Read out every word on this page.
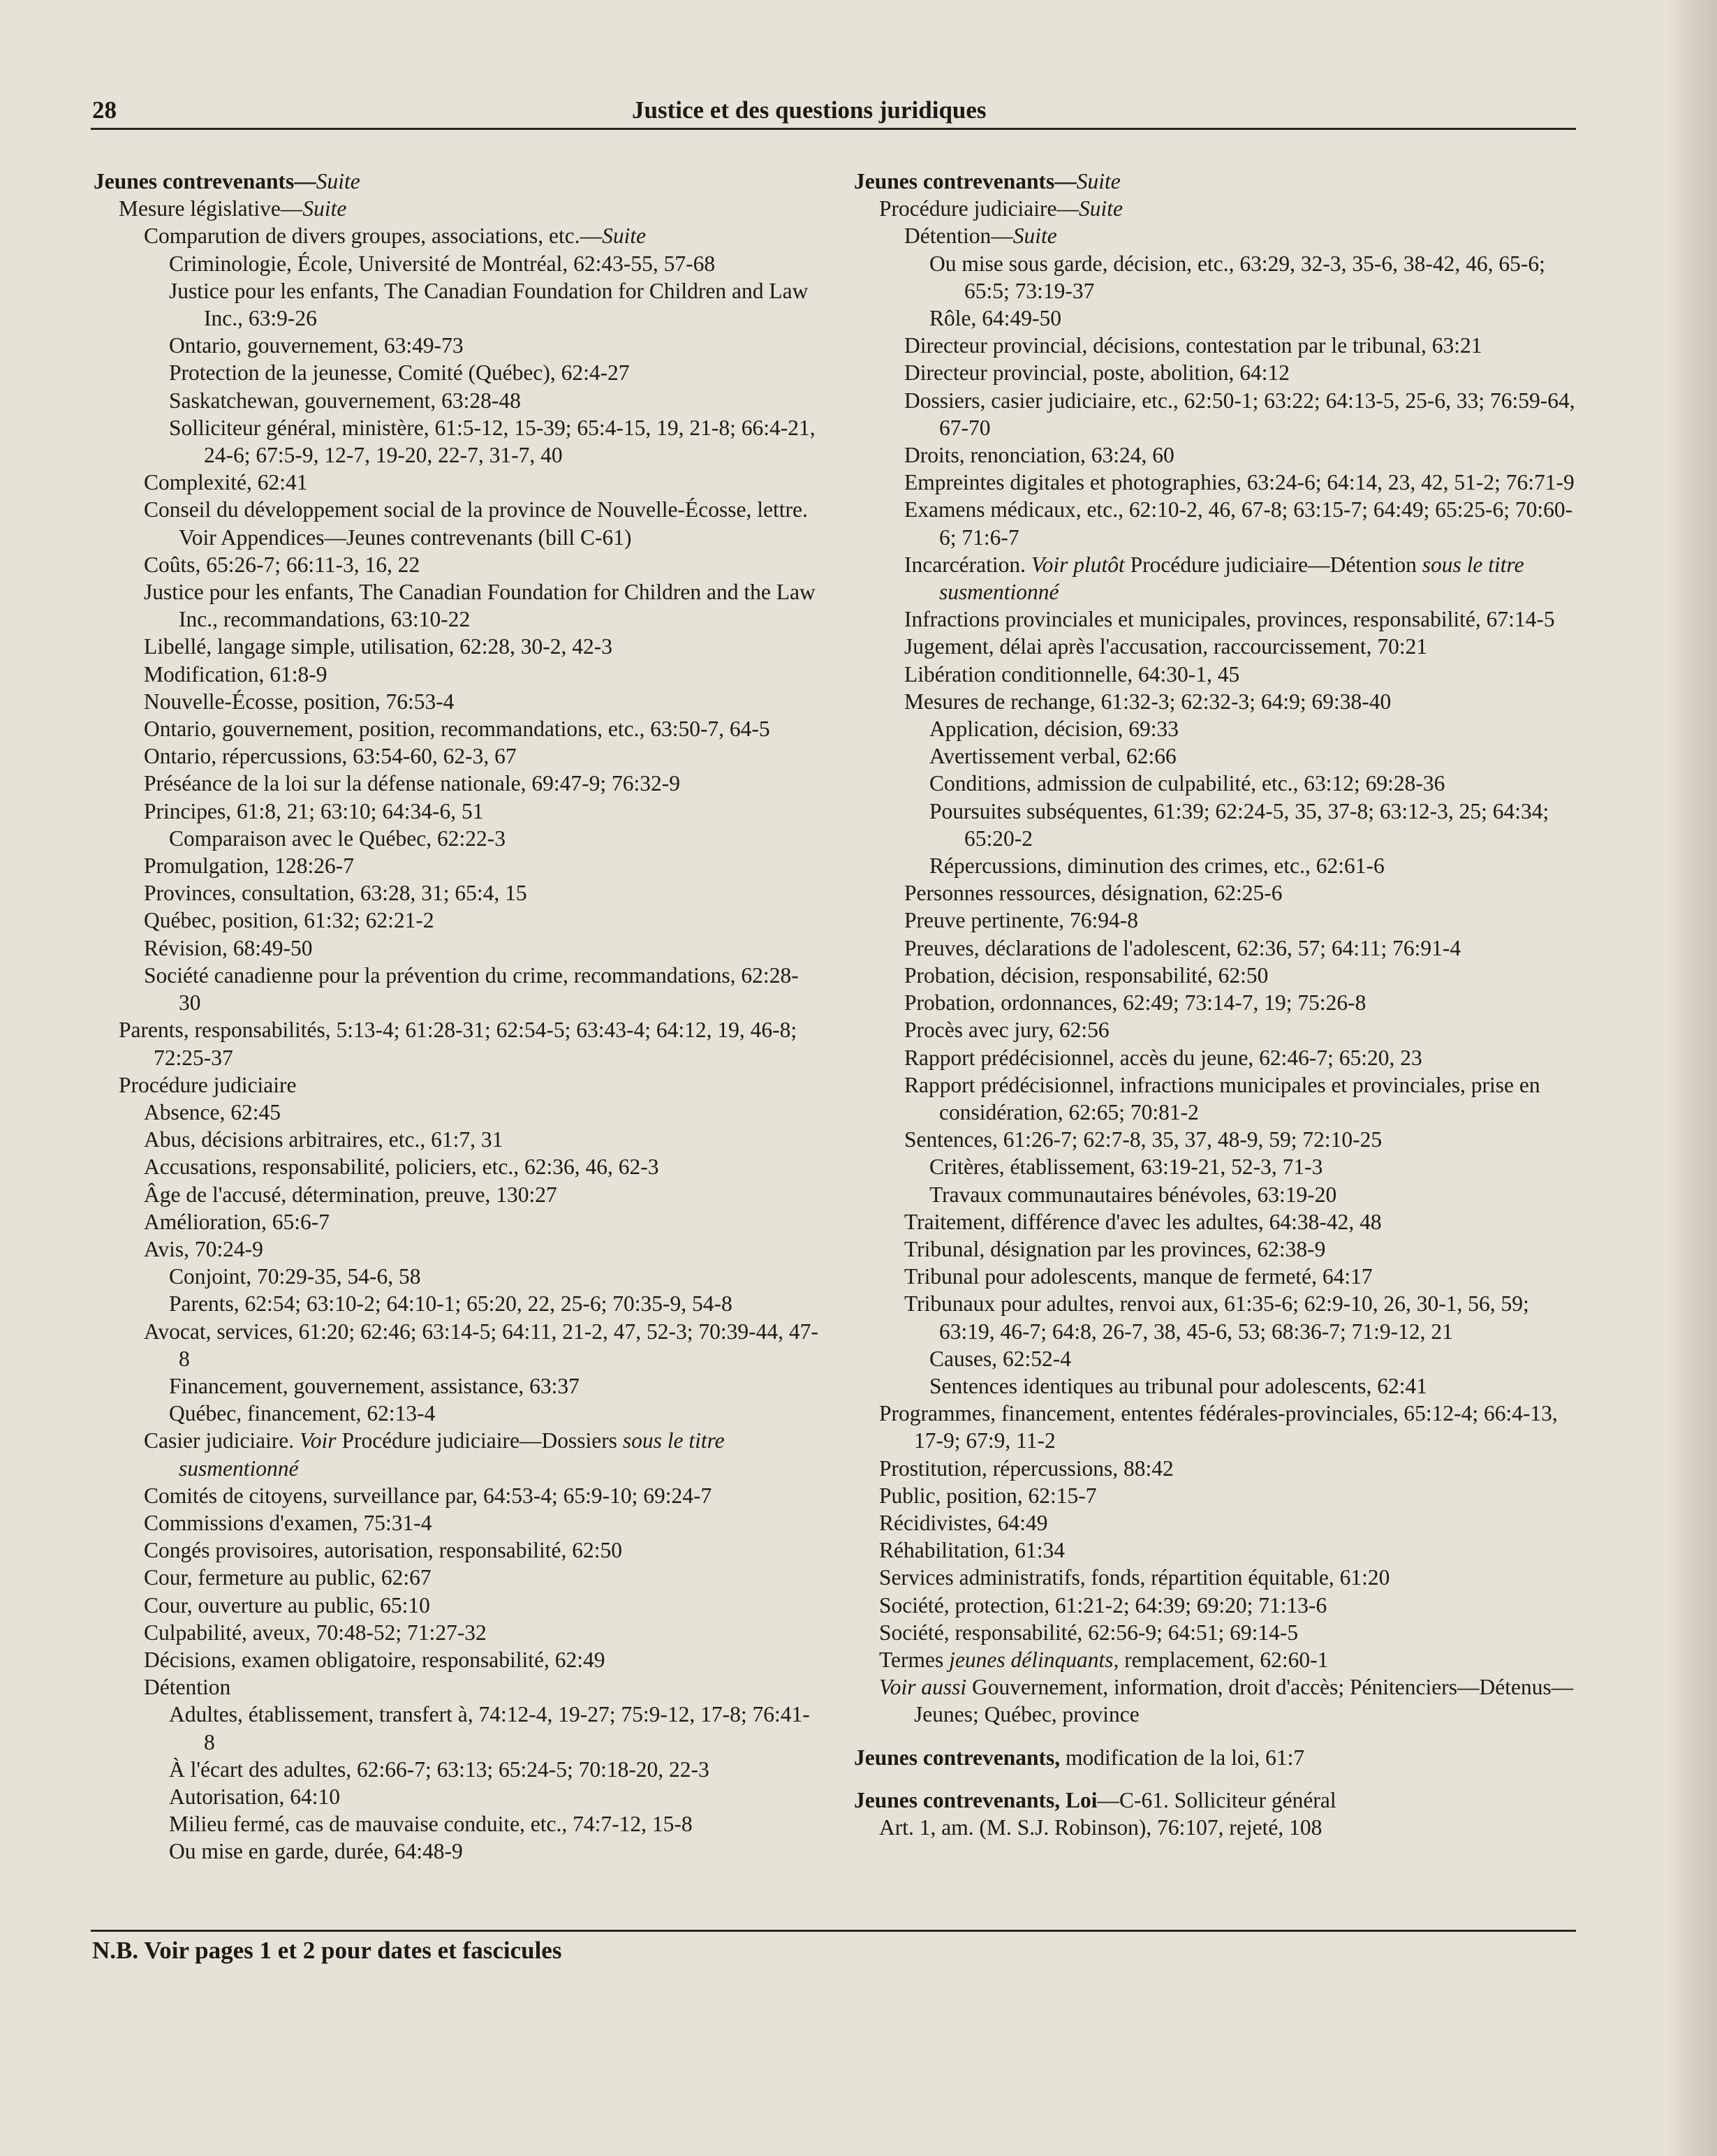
28	Justice et des questions juridiques
Jeunes contrevenants—Suite
Mesure législative—Suite
Comparution de divers groupes, associations, etc.—Suite
Criminologie, École, Université de Montréal, 62:43-55, 57-68
Justice pour les enfants, The Canadian Foundation for Children and Law Inc., 63:9-26
Ontario, gouvernement, 63:49-73
Protection de la jeunesse, Comité (Québec), 62:4-27
Saskatchewan, gouvernement, 63:28-48
Solliciteur général, ministère, 61:5-12, 15-39; 65:4-15, 19, 21-8; 66:4-21, 24-6; 67:5-9, 12-7, 19-20, 22-7, 31-7, 40
Complexité, 62:41
Conseil du développement social de la province de Nouvelle-Écosse, lettre. Voir Appendices—Jeunes contrevenants (bill C-61)
Coûts, 65:26-7; 66:11-3, 16, 22
Justice pour les enfants, The Canadian Foundation for Children and the Law Inc., recommandations, 63:10-22
Libellé, langage simple, utilisation, 62:28, 30-2, 42-3
Modification, 61:8-9
Nouvelle-Écosse, position, 76:53-4
Ontario, gouvernement, position, recommandations, etc., 63:50-7, 64-5
Ontario, répercussions, 63:54-60, 62-3, 67
Préséance de la loi sur la défense nationale, 69:47-9; 76:32-9
Principes, 61:8, 21; 63:10; 64:34-6, 51
Comparaison avec le Québec, 62:22-3
Promulgation, 128:26-7
Provinces, consultation, 63:28, 31; 65:4, 15
Québec, position, 61:32; 62:21-2
Révision, 68:49-50
Société canadienne pour la prévention du crime, recommandations, 62:28-30
Parents, responsabilités, 5:13-4; 61:28-31; 62:54-5; 63:43-4; 64:12, 19, 46-8; 72:25-37
Procédure judiciaire
Absence, 62:45
Abus, décisions arbitraires, etc., 61:7, 31
Accusations, responsabilité, policiers, etc., 62:36, 46, 62-3
Âge de l'accusé, détermination, preuve, 130:27
Amélioration, 65:6-7
Avis, 70:24-9
Conjoint, 70:29-35, 54-6, 58
Parents, 62:54; 63:10-2; 64:10-1; 65:20, 22, 25-6; 70:35-9, 54-8
Avocat, services, 61:20; 62:46; 63:14-5; 64:11, 21-2, 47, 52-3; 70:39-44, 47-8
Financement, gouvernement, assistance, 63:37
Québec, financement, 62:13-4
Casier judiciaire. Voir Procédure judiciaire—Dossiers sous le titre susmentionné
Comités de citoyens, surveillance par, 64:53-4; 65:9-10; 69:24-7
Commissions d'examen, 75:31-4
Congés provisoires, autorisation, responsabilité, 62:50
Cour, fermeture au public, 62:67
Cour, ouverture au public, 65:10
Culpabilité, aveux, 70:48-52; 71:27-32
Décisions, examen obligatoire, responsabilité, 62:49
Détention
Adultes, établissement, transfert à, 74:12-4, 19-27; 75:9-12, 17-8; 76:41-8
À l'écart des adultes, 62:66-7; 63:13; 65:24-5; 70:18-20, 22-3
Autorisation, 64:10
Milieu fermé, cas de mauvaise conduite, etc., 74:7-12, 15-8
Ou mise en garde, durée, 64:48-9
Jeunes contrevenants—Suite
Procédure judiciaire—Suite
Détention—Suite
Ou mise sous garde, décision, etc., 63:29, 32-3, 35-6, 38-42, 46, 65-6; 65:5; 73:19-37
Rôle, 64:49-50
Directeur provincial, décisions, contestation par le tribunal, 63:21
Directeur provincial, poste, abolition, 64:12
Dossiers, casier judiciaire, etc., 62:50-1; 63:22; 64:13-5, 25-6, 33; 76:59-64, 67-70
Droits, renonciation, 63:24, 60
Empreintes digitales et photographies, 63:24-6; 64:14, 23, 42, 51-2; 76:71-9
Examens médicaux, etc., 62:10-2, 46, 67-8; 63:15-7; 64:49; 65:25-6; 70:60-6; 71:6-7
Incarcération. Voir plutôt Procédure judiciaire—Détention sous le titre susmentionné
Infractions provinciales et municipales, provinces, responsabilité, 67:14-5
Jugement, délai après l'accusation, raccourcissement, 70:21
Libération conditionnelle, 64:30-1, 45
Mesures de rechange, 61:32-3; 62:32-3; 64:9; 69:38-40
Application, décision, 69:33
Avertissement verbal, 62:66
Conditions, admission de culpabilité, etc., 63:12; 69:28-36
Poursuites subséquentes, 61:39; 62:24-5, 35, 37-8; 63:12-3, 25; 64:34; 65:20-2
Répercussions, diminution des crimes, etc., 62:61-6
Personnes ressources, désignation, 62:25-6
Preuve pertinente, 76:94-8
Preuves, déclarations de l'adolescent, 62:36, 57; 64:11; 76:91-4
Probation, décision, responsabilité, 62:50
Probation, ordonnances, 62:49; 73:14-7, 19; 75:26-8
Procès avec jury, 62:56
Rapport prédécisionnel, accès du jeune, 62:46-7; 65:20, 23
Rapport prédécisionnel, infractions municipales et provinciales, prise en considération, 62:65; 70:81-2
Sentences, 61:26-7; 62:7-8, 35, 37, 48-9, 59; 72:10-25
Critères, établissement, 63:19-21, 52-3, 71-3
Travaux communautaires bénévoles, 63:19-20
Traitement, différence d'avec les adultes, 64:38-42, 48
Tribunal, désignation par les provinces, 62:38-9
Tribunal pour adolescents, manque de fermeté, 64:17
Tribunaux pour adultes, renvoi aux, 61:35-6; 62:9-10, 26, 30-1, 56, 59; 63:19, 46-7; 64:8, 26-7, 38, 45-6, 53; 68:36-7; 71:9-12, 21
Causes, 62:52-4
Sentences identiques au tribunal pour adolescents, 62:41
Programmes, financement, ententes fédérales-provinciales, 65:12-4; 66:4-13, 17-9; 67:9, 11-2
Prostitution, répercussions, 88:42
Public, position, 62:15-7
Récidivistes, 64:49
Réhabilitation, 61:34
Services administratifs, fonds, répartition équitable, 61:20
Société, protection, 61:21-2; 64:39; 69:20; 71:13-6
Société, responsabilité, 62:56-9; 64:51; 69:14-5
Termes jeunes délinquants, remplacement, 62:60-1
Voir aussi Gouvernement, information, droit d'accès; Pénitenciers—Détenus—Jeunes; Québec, province
Jeunes contrevenants, modification de la loi, 61:7
Jeunes contrevenants, Loi—C-61. Solliciteur général
Art. 1, am. (M. S.J. Robinson), 76:107, rejeté, 108
N.B. Voir pages 1 et 2 pour dates et fascicules
